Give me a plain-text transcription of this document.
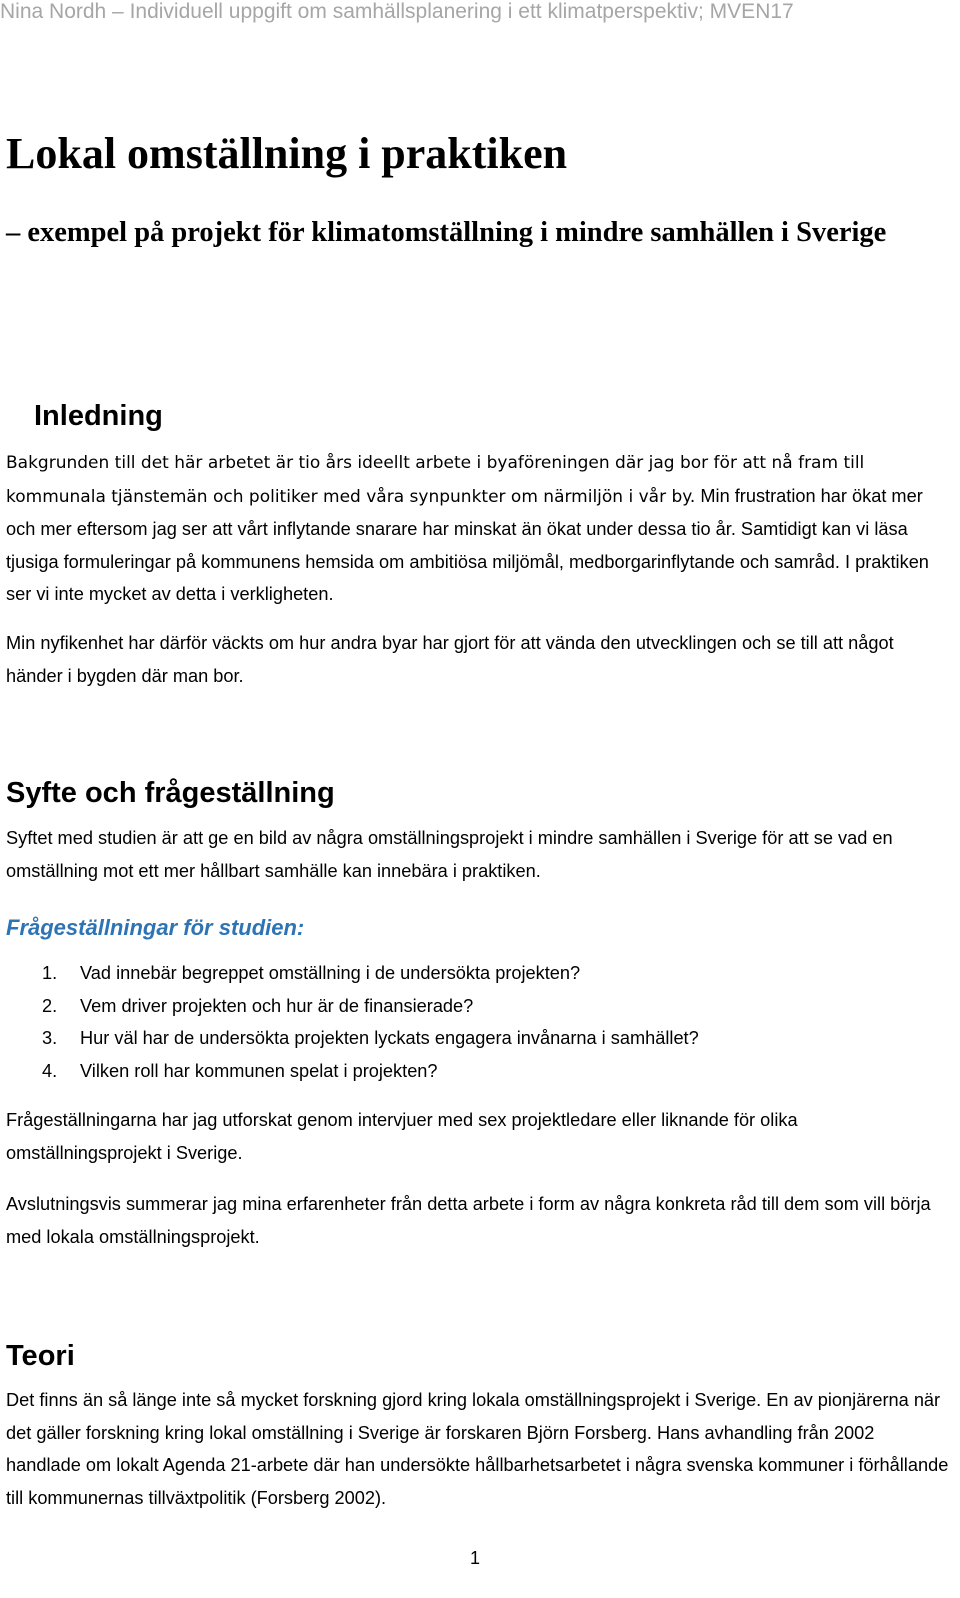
Nina Nordh – Individuell uppgift om samhällsplanering i ett klimatperspektiv; MVEN17
Lokal omställning i praktiken
– exempel på projekt för klimatomställning i mindre samhällen i Sverige
Inledning

Bakgrunden till det här arbetet är tio års ideellt arbete i byaföreningen där jag bor för att nå fram till kommunala tjänstemän och politiker med våra synpunkter om närmiljön i vår by. Min frustration har ökat mer och mer eftersom jag ser att vårt inflytande snarare har minskat än ökat under dessa tio år. Samtidigt kan vi läsa tjusiga formuleringar på kommunens hemsida om ambitiösa miljömål, medborgarinflytande och samråd. I praktiken ser vi inte mycket av detta i verkligheten.

Min nyfikenhet har därför väckts om hur andra byar har gjort för att vända den utvecklingen och se till att något händer i bygden där man bor.

Syfte och frågeställning

Syftet med studien är att ge en bild av några omställningsprojekt i mindre samhällen i Sverige för att se vad en omställning mot ett mer hållbart samhälle kan innebära i praktiken.

Frågeställningar för studien:
1. Vad innebär begreppet omställning i de undersökta projekten?
2. Vem driver projekten och hur är de finansierade?
3. Hur väl har de undersökta projekten lyckats engagera invånarna i samhället?
4. Vilken roll har kommunen spelat i projekten?

Frågeställningarna har jag utforskat genom intervjuer med sex projektledare eller liknande för olika omställningsprojekt i Sverige.

Avslutningsvis summerar jag mina erfarenheter från detta arbete i form av några konkreta råd till dem som vill börja med lokala omställningsprojekt.

Teori

Det finns än så länge inte så mycket forskning gjord kring lokala omställningsprojekt i Sverige. En av pionjärerna när det gäller forskning kring lokal omställning i Sverige är forskaren Björn Forsberg. Hans avhandling från 2002 handlade om lokalt Agenda 21-arbete där han undersökte hållbarhetsarbetet i några svenska kommuner i förhållande till kommunernas tillväxtpolitik (Forsberg 2002).

1
